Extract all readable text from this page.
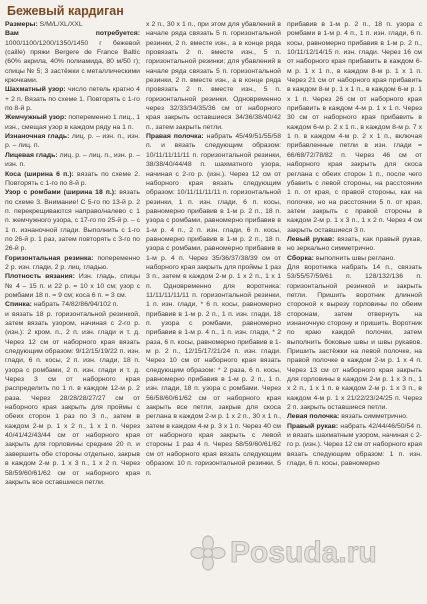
Бежевый кардиган

Размеры: S/M/L/XL/XXL

Вам потребуется: 1000/1100/1200/1350/1450 г бежевой (caille) пряжи Bergere de France Baltic (60% акрила, 40% полиамида, 80 м/50 г); спицы № 5; 3 застёжки с металлическими крючками.

Шахматный узор: число петель кратно 4 + 2 п. Вязать по схеме 1. Повторять с 1-го по 8-й р.

Жемчужный узор: попеременно 1 лиц., 1 изн., смещая узор в каждом ряду на 1 п.

Изнаночная гладь: лиц. р. – изн. п., изн. р. – лиц. п.

Лицевая гладь: лиц. р. – лиц. п., изн. р. – изн. п.

Коса (ширина 6 п.): вязать по схеме 2. Повторять с 1-го по 8-й р.

Узор с ромбами (ширина 18 п.): вязать по схеме 3. Внимание! С 5-го по 13-й р. 2 п. перекрещиваются направо/налево с 1 п. жемчужного узора, с 17-го по 25-й р. – с 1 п. изнаночной глади. Выполнить с 1-го по 26-й р. 1 раз, затем повторять с 3-го по 26-й р.

Горизонтальная резинка: попеременно 2 р. изн. глади, 2 р. лиц. гладью.

Плотность вязания: Изн. гладь, спицы № 4 – 15 п. и 22 р. = 10 х 10 см; узор с ромбами 18 п. = 9 см; коса 6 п. = 3 см.

Спинка: набрать 74/82/86/94/102 п.

и вязать 18 р. горизонтальной резинкой, затем вязать узором, начиная с 2-го р. (изн.): 2 кром. п., 2 п. изн. глади и т. д. Через 12 см от наборного края вязать следующим образом: 9/12/15/19/22 п. изн. глади, 6 п. косы, 2 п. изн. глади, 18 п. узора с ромбами, 2 п. изн. глади и т. д. Через 3 см от наборного края распределить по 1 п. в каждом 12-м р. 2 раза. Через 28/28/28/27/27 см от наборного края закрыть для проймы с обеих сторон 1 раз по 3 п., затем в каждом 2-м р. 1 х 2 п., 1 х 1 п. Через 40/41/42/43/44 см от наборного края закрыть для горловины средние 20 п. и завершить обе стороны отдельно, закрыв в каждом 2-м р. 1 х 3 п., 1 х 2 п. Через 58/59/60/61/62 см от наборного края закрыть все оставшиеся петли.

х 2 п., 30 х 1 п., при этом для убавлений в начале ряда связать 5 п. горизонтальной резинки, 2 п. вместе изн., а в конце ряда провязать 2 п. вместе изн., 5 п. горизонтальной резинки; для убавлений в начале ряда связать 5 п. горизонтальной резинки, 2 п. вместе изн., а в конце ряда провязать 2 п. вместе изн., 5 п. горизонтальной резинки. Одновременно через 32/33/34/35/36 см от наборного края закрыть оставшиеся 34/36/38/40/42 п., затем закрыть петли.

Правая полочка: набрать 45/49/51/55/58 п. и вязать следующим образом: 10/11/11/11/11 п. горизонтальной резинки, 38/38/40/44/48 п. шахматного узора, начиная с 2-го р. (изн.). Через 12 см от наборного края вязать следующим образом: 10/11/11/11/11 п. горизонтальной резинки, 1 п. изн. глади, 6 п. косы, равномерно прибавив в 1-м р. 2 п., 18 п. узора с ромбами, равномерно прибавив в 1-м р. 4 п., 2 п. изн. глади, 6 п. косы, равномерно прибавив в 1-м р. 2 п., 18 п. узора с ромбами, равномерно прибавив в 1-м р. 4 п. Через 35/36/37/38/39 см от наборного края закрыть для проймы 1 раз 3 п., затем в каждом 2-м р. 1 х 2 п., 1 х 1 п. Одновременно для воротника: 11/11/11/11/11 п. горизонтальной резинки, 1 п. изн. глади, * 6 п. косы, равномерно прибавив в 1-м р. 2 п., 1 п. изн. глади, 18 п. узора с ромбами, равномерно прибавив в 1-м р. 4 п., 1 п. изн. глади, * 2 раза, 6 п. косы, равномерно прибавив в 1-м р. 2 п., 12/15/17/21/24 п. изн. глади. Через 10 см от наборного края вязать следующим образом: * 2 раза, 6 п. косы, равномерно прибавив в 1-м р. 2 п., 1 п. изн. глади, 18 п. узора с ромбами. Через 56/58/60/61/62 см от наборного края закрыть все петли, закрыв для скоса реглана в каждом 2-м р. 1 х 2 п., 30 х 1 п., затем в каждом 4-м р. 3 х 1 п. Через 40 см от наборного края закрыть с левой стороны 1 раз 4 п. Через 58/59/60/61/62 см от наборного края вязать следующим образом: 10 п. горизонтальной резинки, 5 п.

прибавив в 1-м р. 2 п., 18 п. узора с ромбами в 1-м р. 4 п., 1 п. изн. глади, 6 п. косы, равномерно прибавив в 1-м р. 2 п., 10/11/12/14/15 п. изн. глади. Через 16 см от наборного края прибавить в каждом 6-м р. 1 х 1 п., в каждом 8-м р. 1 х 1 п. Через 21 см от наборного края прибавить в каждом 8-м р. 1 х 1 п., в каждом 6-м р. 1 х 1 п. Через 26 см от наборного края прибавить в каждом 4-м р. 1 х 1 п. Через 30 см от наборного края прибавить в каждом 6-м р. 2 х 1 п., в каждом 8-м р. 7 х 1 п. в каждом 4-м р. 2 х 1 п., включая прибавленные петли в изн. глади = 66/68/72/78/82 п. Через 46 см от наборного края закрыть для скоса реглана с обеих сторон 1 п., после чего убавить с левой стороны, на расстоянии 1 п. от края, с правой стороны, как на полочке, но на расстоянии 5 п. от края, затем закрыть с правой стороны в каждом 2-м р. 1 х 3 п., 1 х 2 п. Через 4 см закрыть оставшиеся 3 п.

Левый рукав: вязать, как правый рукав, но зеркально симметрично.

Сборка: выполнить швы реглано.

Для воротника набрать 14 п., связать 53/55/57/59/61 п. 128/132/136 п. горизонтальной резинкой и закрыть петли. Пришить воротник длинной стороной к вырезу горловины по обеим сторонам, затем отвернуть на изнаночную сторону и пришить. Воротник по краю каждой полочки, затем выполнить боковые швы и швы рукавов. Пришить застёжки на левой полочке, на правой полочке в каждом 2-м р. 1 х 4 п. Через 13 см от наборного края закрыть для горловины в каждом 2-м р. 1 х 3 п., 1 х 2 п., 1 х 1 п. в каждом 2-м р. 1 х 3 п., в каждом 4-м р. 1 х 21/22/23/24/25 п. Через 2 п. закрыть оставшиеся петли.

Левая полочка: вязать симметрично.

Правый рукав: набрать 42/44/46/50/54 п. и вязать шахматным узором, начиная с 2-го р. (изн.). Через 12 см от наборного края вязать следующим образом: 1 п. изн. глади, 6 п. косы, равномерно

Posuda.ru
